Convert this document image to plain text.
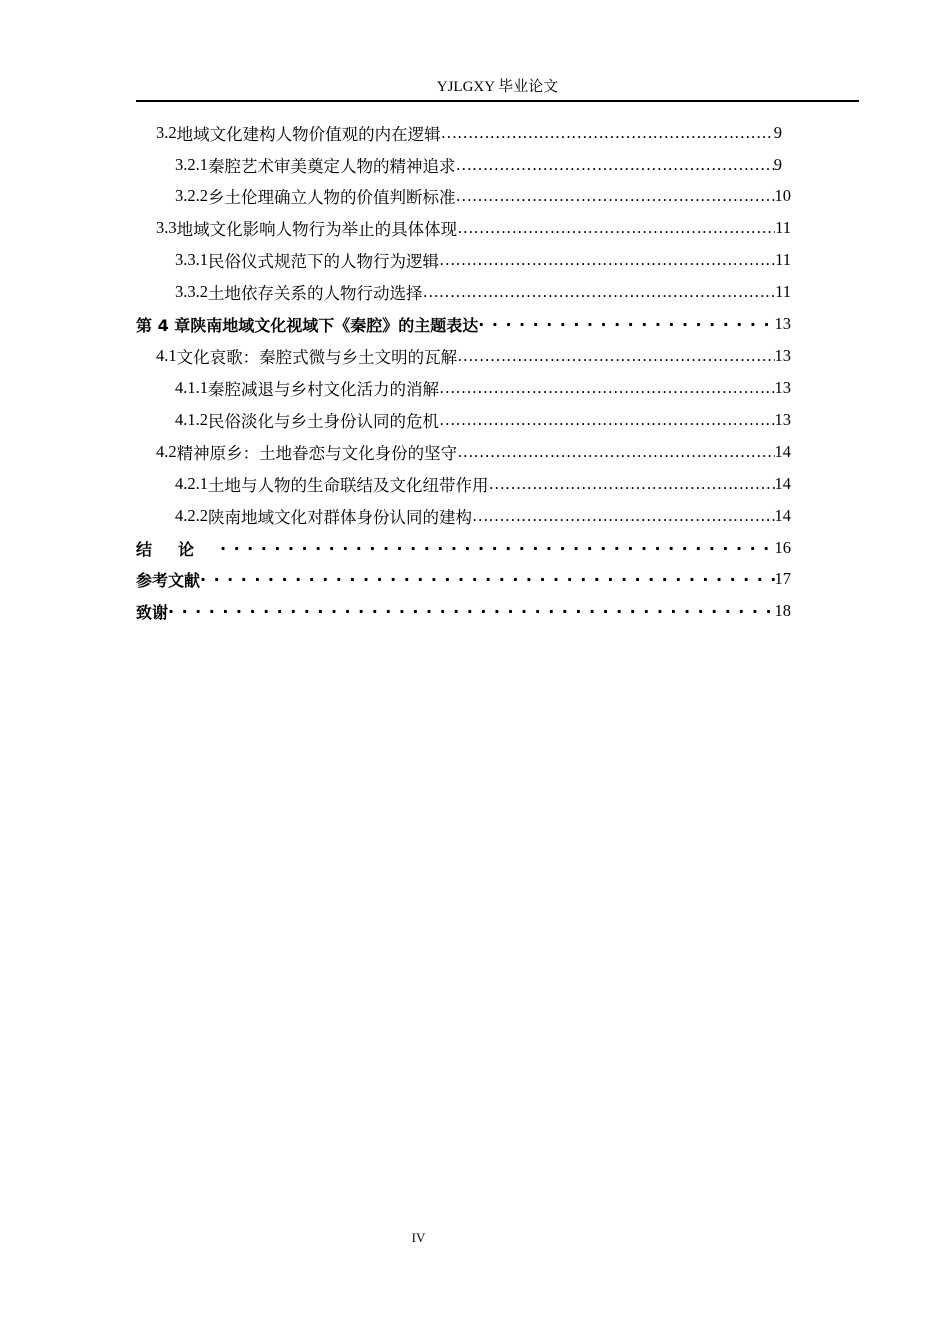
YJLGXY 毕业论文
3.2 地域文化建构人物价值观的内在逻辑 …………………………………………………………………………………………………………………………………………………………………………………………	9
3.2.1 秦腔艺术审美奠定人物的精神追求 …………………………………………………………………………………………………………………………………………………………………………………………	9
3.2.2 乡土伦理确立人物的价值判断标准 …………………………………………………………………………………………………………………………………………………………………………………………	10
3.3 地域文化影响人物行为举止的具体体现 …………………………………………………………………………………………………………………………………………………………………………………………	11
3.3.1 民俗仪式规范下的人物行为逻辑 …………………………………………………………………………………………………………………………………………………………………………………………	11
3.3.2 土地依存关系的人物行动选择 …………………………………………………………………………………………………………………………………………………………………………………………	11
第 4 章 陕南地域文化视域下《秦腔》的主题表达 ·····	13
4.1 文化哀歌：秦腔式微与乡土文明的瓦解 …………………………………………………………………………………………………………………………………………………………………………………………	13
4.1.1 秦腔减退与乡村文化活力的消解 …………………………………………………………………………………………………………………………………………………………………………………………	13
4.1.2 民俗淡化与乡土身份认同的危机 …………………………………………………………………………………………………………………………………………………………………………………………	13
4.2 精神原乡：土地眷恋与文化身份的坚守 …………………………………………………………………………………………………………………………………………………………………………………………	14
4.2.1 土地与人物的生命联结及文化纽带作用 …………………………………………………………………………………………………………………………………………………………………………………………	14
4.2.2 陕南地域文化对群体身份认同的建构 …………………………………………………………………………………………………………………………………………………………………………………………	14
结论 ·····	16
参考文献 ·····	17
致谢 ·····	18
IV
